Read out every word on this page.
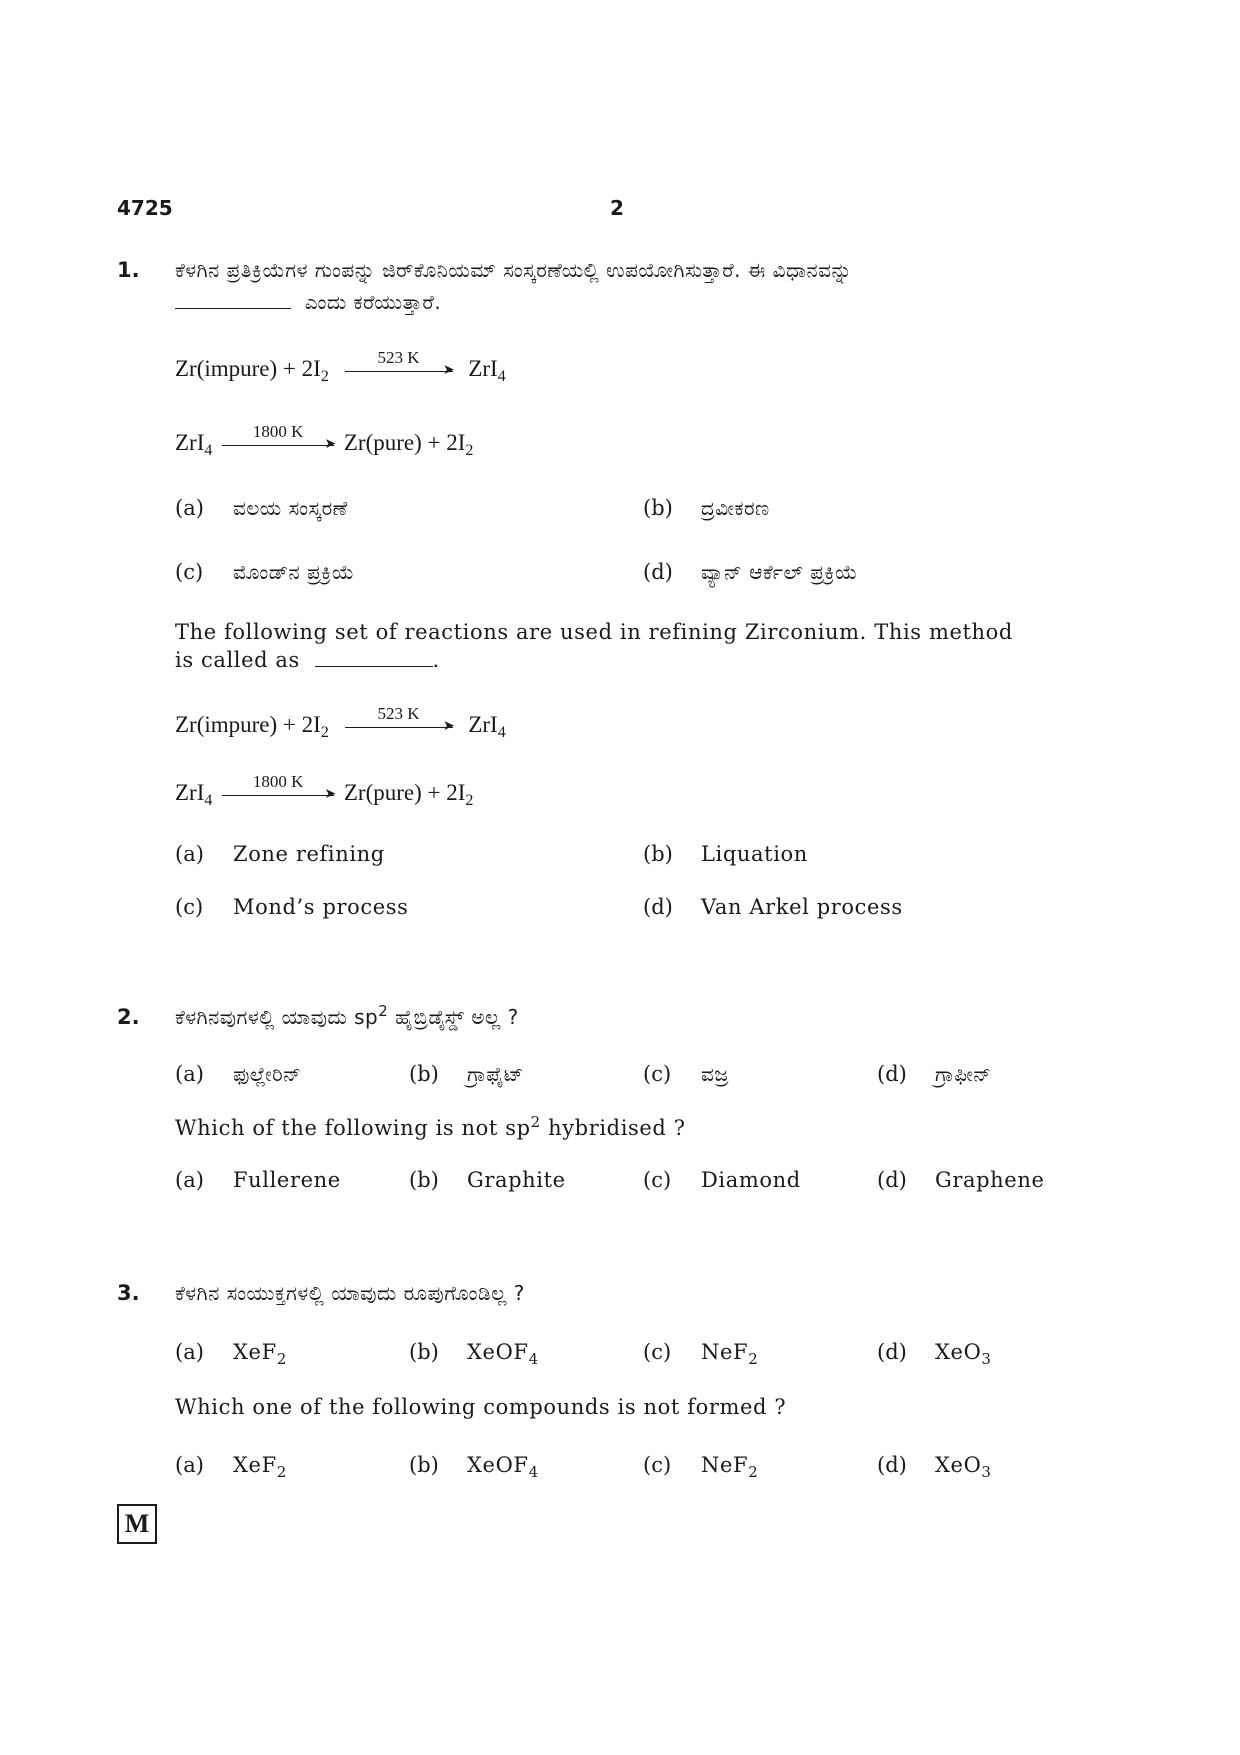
4725	2
1. ಕೆಳಗಿನ ಪ್ರತಿಕ್ರಿಯೆಗಳ ಗುಂಪನ್ನು ಜಿರ್‌ಕೊನಿಯಮ್ ಸಂಸ್ಕರಣೆಯಲ್ಲಿ ಉಪಯೋಗಿಸುತ್ತಾರೆ. ಈ ವಿಧಾನವನ್ನು
ಎಂದು ಕರೆಯುತ್ತಾರೆ.
Zr(impure) + $2I_2$
523 K
➤ ZrI$_4$
ZrI$_4$
1800 K
➤ Zr(pure) + $2I_2$
(a) ವಲಯ ಸಂಸ್ಕರಣೆ	(b) ದ್ರವೀಕರಣ
(c) ಮೊಂಡ್‌ನ ಪ್ರಕ್ರಿಯೆ	(d) ವ್ಯಾನ್ ಆರ್ಕೆಲ್ ಪ್ರಕ್ರಿಯೆ
The following set of reactions are used in refining Zirconium. This method
is called as	.
Zr(impure) + $2I_2$
523 K
➤ ZrI$_4$
ZrI$_4$
1800 K
➤ Zr(pure) + $2I_2$
(a) Zone refining	(b) Liquation
(c) Mond’s process	(d) Van Arkel process
2. ಕೆಳಗಿನವುಗಳಲ್ಲಿ ಯಾವುದು $sp^2$ ಹೈಬ್ರಿಡೈಸ್ಡ್ ಅಲ್ಲ ?
(a) ಫುಲ್ಲೇರಿನ್	(b) ಗ್ರಾಫೈಟ್	(c) ವಜ್ರ	(d) ಗ್ರಾಫೀನ್
Which of the following is not $sp^2$ hybridised ?
(a) Fullerene	(b) Graphite	(c) Diamond	(d) Graphene
3. ಕೆಳಗಿನ ಸಂಯುಕ್ತಗಳಲ್ಲಿ ಯಾವುದು ರೂಪುಗೊಂಡಿಲ್ಲ ?
(a) XeF$_2$	(b) XeOF$_4$	(c) NeF$_2$	(d) XeO$_3$
Which one of the following compounds is not formed ?
(a) XeF$_2$	(b) XeOF$_4$	(c) NeF$_2$	(d) XeO$_3$
M
